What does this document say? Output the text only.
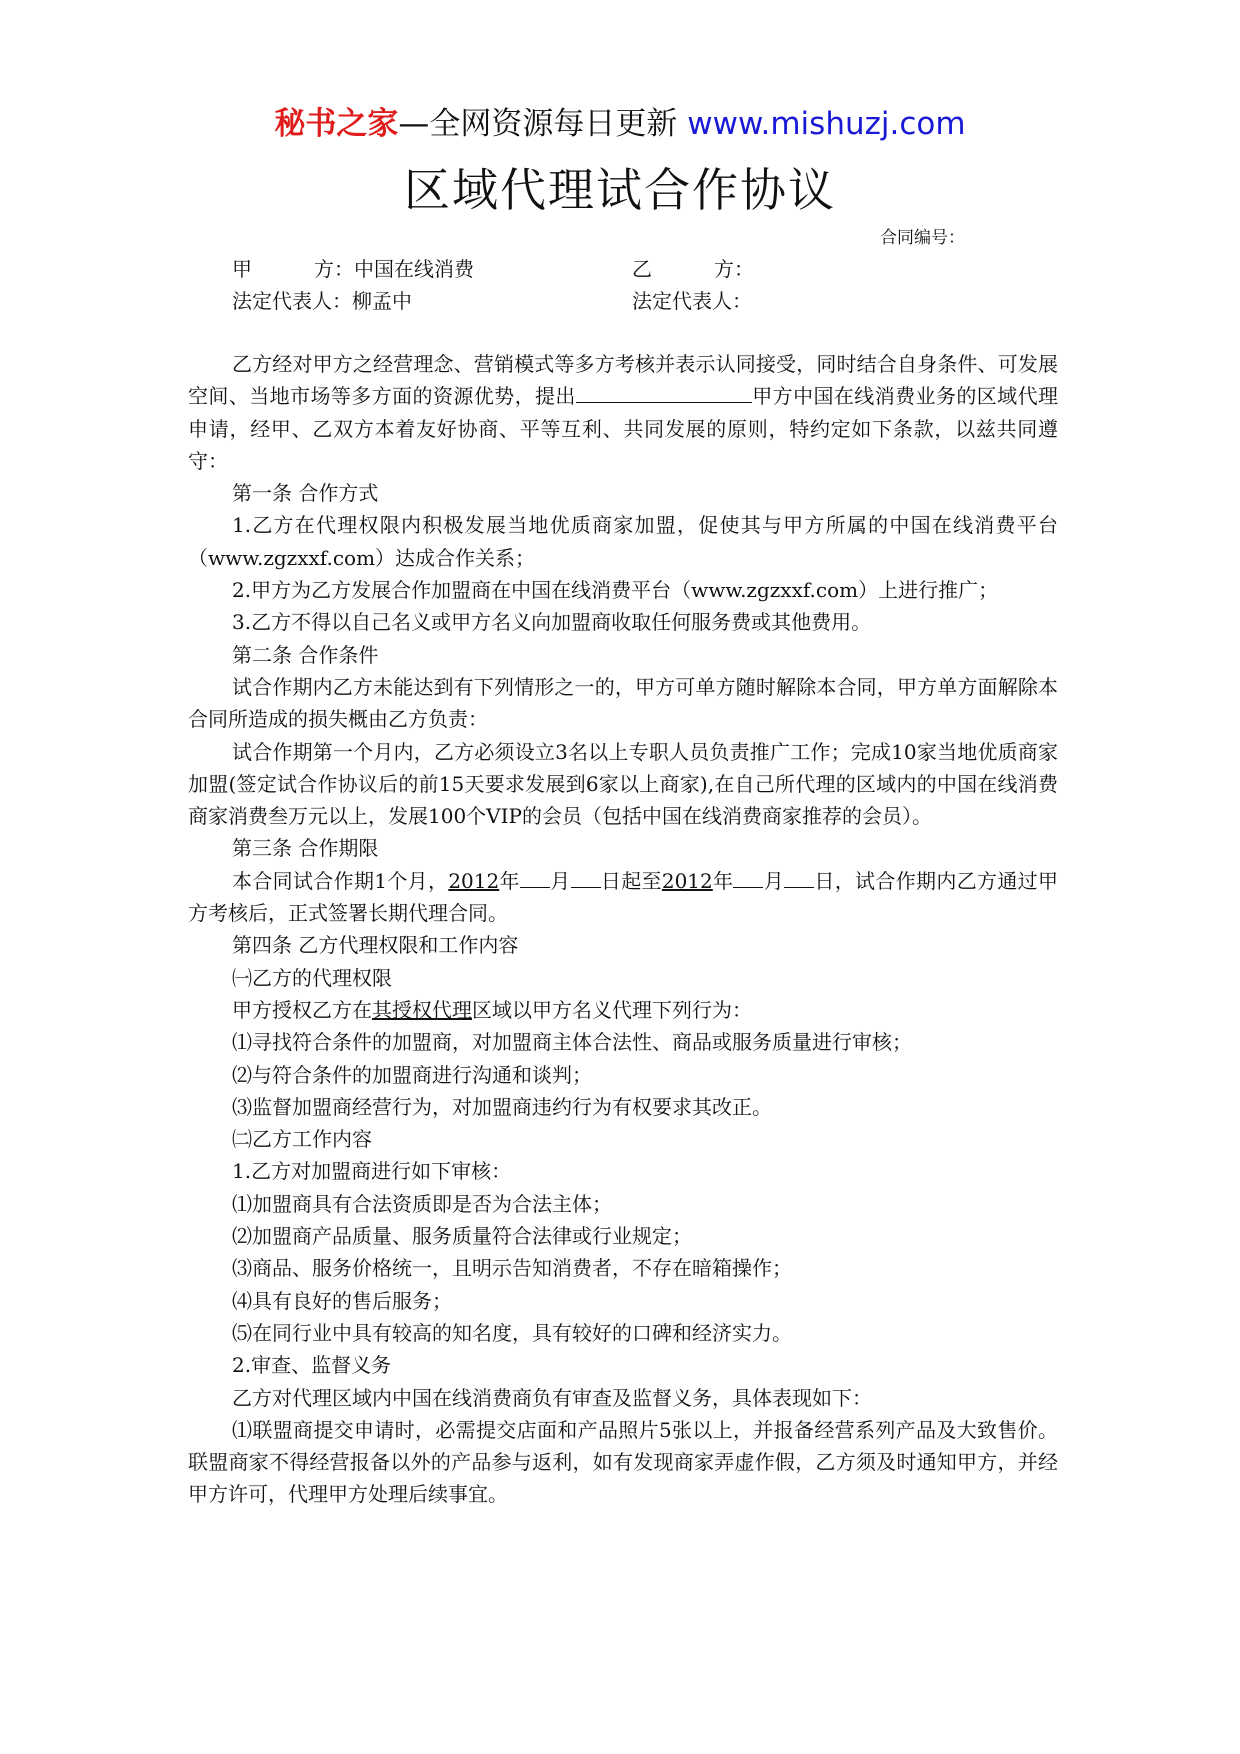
秘书之家—全网资源每日更新 www.mishuzj.com
区域代理试合作协议
合同编号：
甲	方：中国在线消费	乙	方：
法定代表人：柳孟中	法定代表人：

乙方经对甲方之经营理念、营销模式等多方考核并表示认同接受，同时结合自身条件、可发展空间、当地市场等多方面的资源优势，提出	甲方中国在线消费业务的区域代理申请，经甲、乙双方本着友好协商、平等互利、共同发展的原则，特约定如下条款，以兹共同遵守：

第一条 合作方式

1.乙方在代理权限内积极发展当地优质商家加盟，促使其与甲方所属的中国在线消费平台（www.zgzxxf.com）达成合作关系；

2.甲方为乙方发展合作加盟商在中国在线消费平台（www.zgzxxf.com）上进行推广；

3.乙方不得以自己名义或甲方名义向加盟商收取任何服务费或其他费用。

第二条 合作条件

试合作期内乙方未能达到有下列情形之一的，甲方可单方随时解除本合同，甲方单方面解除本合同所造成的损失概由乙方负责：

试合作期第一个月内，乙方必须设立3名以上专职人员负责推广工作；完成10家当地优质商家加盟(签定试合作协议后的前15天要求发展到6家以上商家),在自己所代理的区域内的中国在线消费商家消费叁万元以上，发展100个VIP的会员（包括中国在线消费商家推荐的会员）。

第三条 合作期限

本合同试合作期1个月，2012年 月 日起至2012年 月 日，试合作期内乙方通过甲方考核后，正式签署长期代理合同。

第四条 乙方代理权限和工作内容

㈠乙方的代理权限

甲方授权乙方在其授权代理区域以甲方名义代理下列行为：

⑴寻找符合条件的加盟商，对加盟商主体合法性、商品或服务质量进行审核；

⑵与符合条件的加盟商进行沟通和谈判；

⑶监督加盟商经营行为，对加盟商违约行为有权要求其改正。

㈡乙方工作内容

1.乙方对加盟商进行如下审核：

⑴加盟商具有合法资质即是否为合法主体；

⑵加盟商产品质量、服务质量符合法律或行业规定；

⑶商品、服务价格统一，且明示告知消费者，不存在暗箱操作；

⑷具有良好的售后服务；

⑸在同行业中具有较高的知名度，具有较好的口碑和经济实力。

2.审查、监督义务

乙方对代理区域内中国在线消费商负有审查及监督义务，具体表现如下：

⑴联盟商提交申请时，必需提交店面和产品照片5张以上，并报备经营系列产品及大致售价。联盟商家不得经营报备以外的产品参与返利，如有发现商家弄虚作假，乙方须及时通知甲方，并经甲方许可，代理甲方处理后续事宜。
